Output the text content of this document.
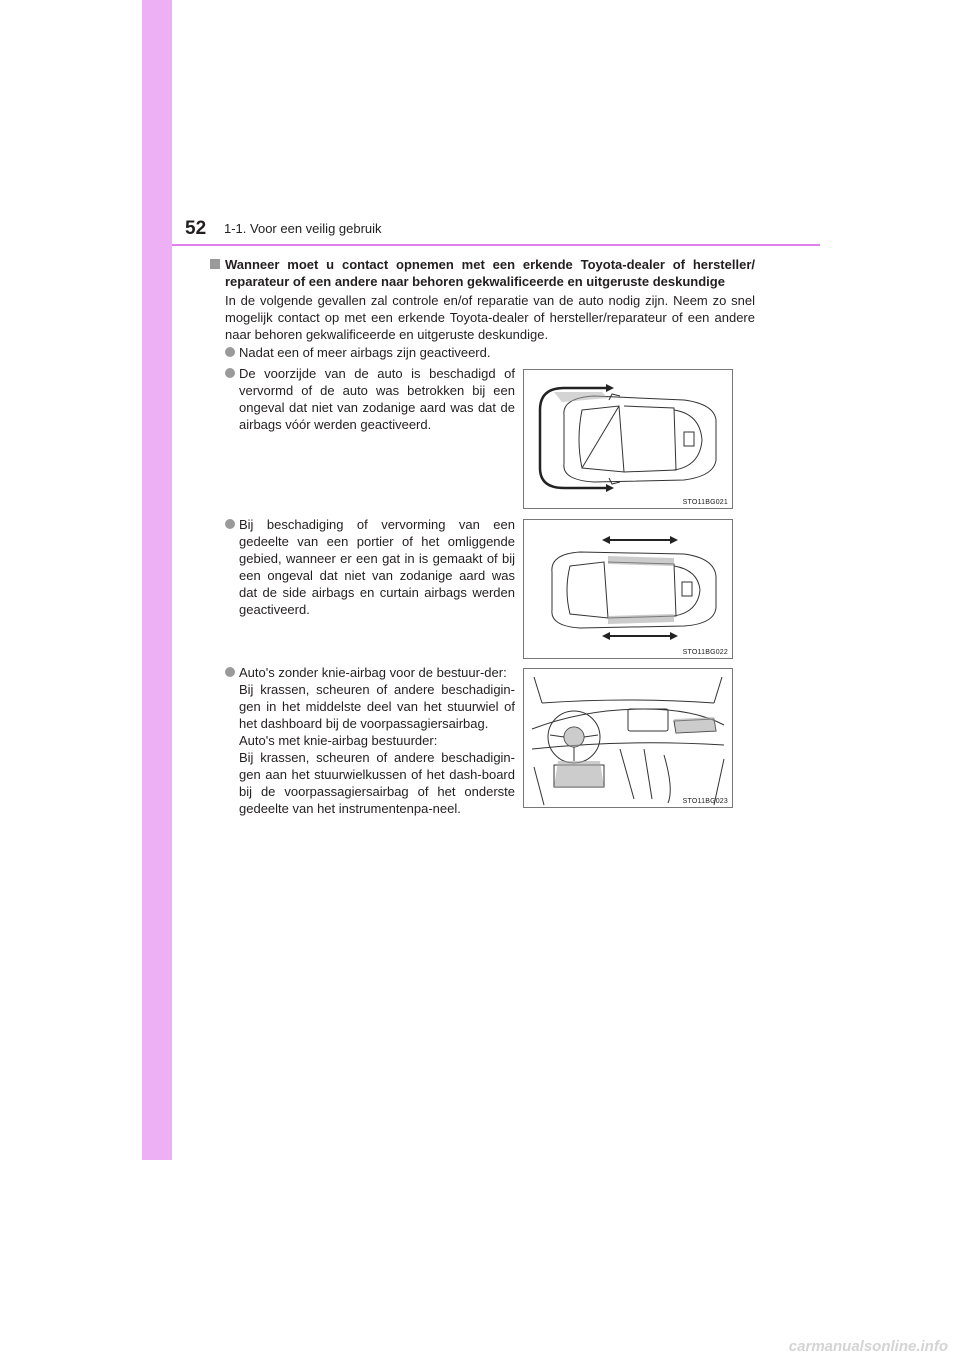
52 1-1. Voor een veilig gebruik
Wanneer moet u contact opnemen met een erkende Toyota-dealer of hersteller/ reparateur of een andere naar behoren gekwalificeerde en uitgeruste deskundige
In de volgende gevallen zal controle en/of reparatie van de auto nodig zijn. Neem zo snel mogelijk contact op met een erkende Toyota-dealer of hersteller/reparateur of een andere naar behoren gekwalificeerde en uitgeruste deskundige.
Nadat een of meer airbags zijn geactiveerd.
De voorzijde van de auto is beschadigd of vervormd of de auto was betrokken bij een ongeval dat niet van zodanige aard was dat de airbags vóór werden geactiveerd.
STO11BG021
Bij beschadiging of vervorming van een gedeelte van een portier of het omliggende gebied, wanneer er een gat in is gemaakt of bij een ongeval dat niet van zodanige aard was dat de side airbags en curtain airbags werden geactiveerd.
STO11BG022
Auto's zonder knie-airbag voor de bestuur-der:
Bij krassen, scheuren of andere beschadigin-gen in het middelste deel van het stuurwiel of het dashboard bij de voorpassagiersairbag.
Auto's met knie-airbag bestuurder:
Bij krassen, scheuren of andere beschadigin-gen aan het stuurwielkussen of het dash-board bij de voorpassagiersairbag of het onderste gedeelte van het instrumentenpa-neel.	STO11BG023
carmanualsonline.info
